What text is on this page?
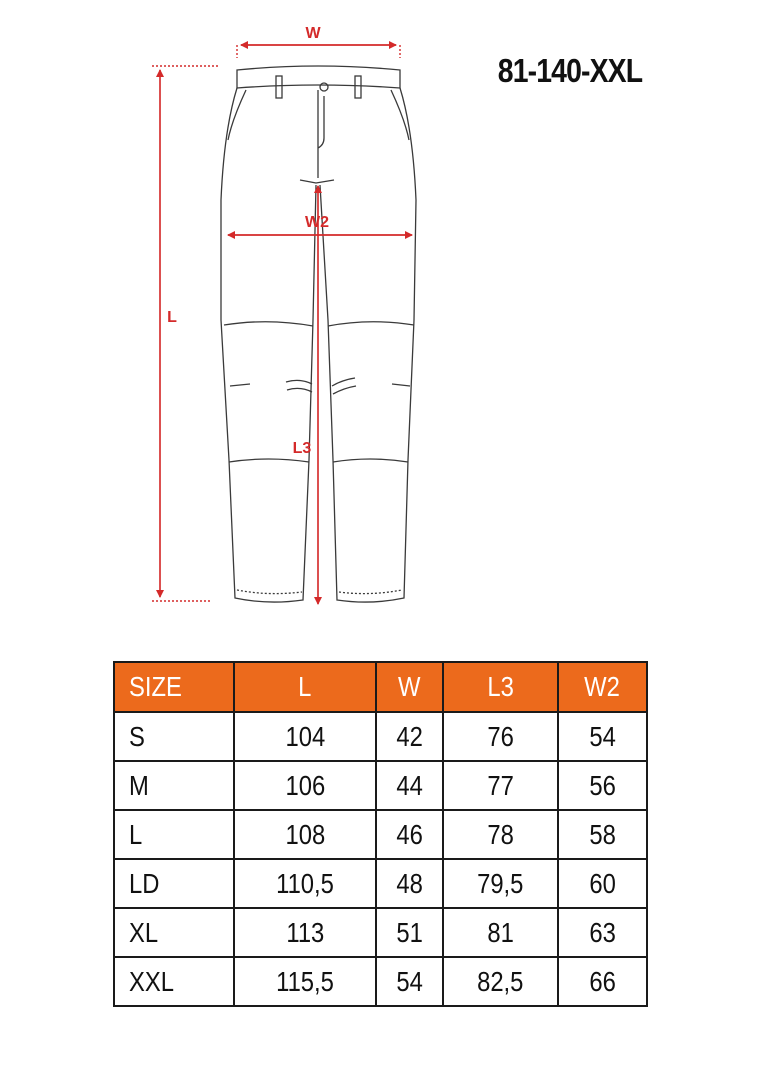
81-140-XXL
W
W2
L
L3
SIZE	L	W	L3	W2
S	104	42	76	54
M	106	44	77	56
L	108	46	78	58
LD	110,5	48	79,5	60
XL	113	51	81	63
XXL	115,5	54	82,5	66
